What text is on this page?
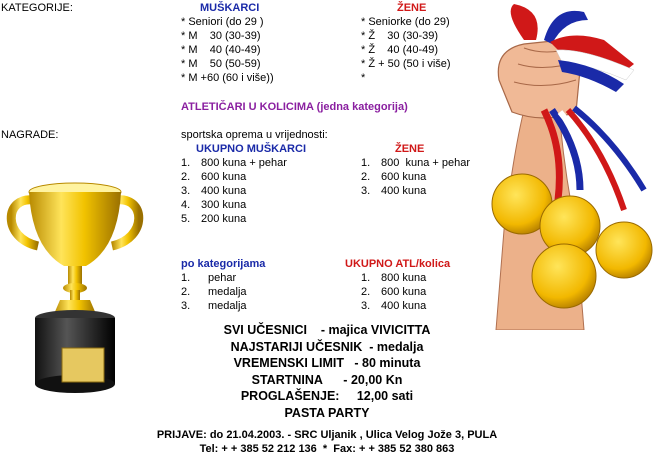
KATEGORIJE:
NAGRADE:
MUŠKARCI
* Seniori (do 29 )
* M    30 (30-39)
* M    40 (40-49)
* M    50 (50-59)
* M +60 (60 i više))
ŽENE
* Seniorke (do 29)
* Ž    30 (30-39)
* Ž    40 (40-49)
* Ž + 50 (50 i više)
*
ATLETIČARI U KOLICIMA (jedna kategorija)
sportska oprema u vrijednosti:
UKUPNO MUŠKARCI
1. 800 kuna + pehar
2. 600 kuna
3. 400 kuna
4. 300 kuna
5. 200 kuna
ŽENE
1. 800  kuna + pehar
2. 600 kuna
3. 400 kuna
po kategorijama
1. pehar
2. medalja
3. medalja
UKUPNO ATL/kolica
1. 800 kuna
2. 600 kuna
3. 400 kuna
SVI UČESNICI    - majica VIVICITTA
NAJSTARIJI UČESNIK  - medalja
VREMENSKI LIMIT   - 80 minuta
STARTNINA      - 20,00 Kn
PROGLAŠENJE:     12,00 sati
PASTA PARTY
PRIJAVE: do 21.04.2003. - SRC Uljanik , Ulica Velog Jože 3, PULA
Tel: + + 385 52 212 136  *  Fax: + + 385 52 380 863
